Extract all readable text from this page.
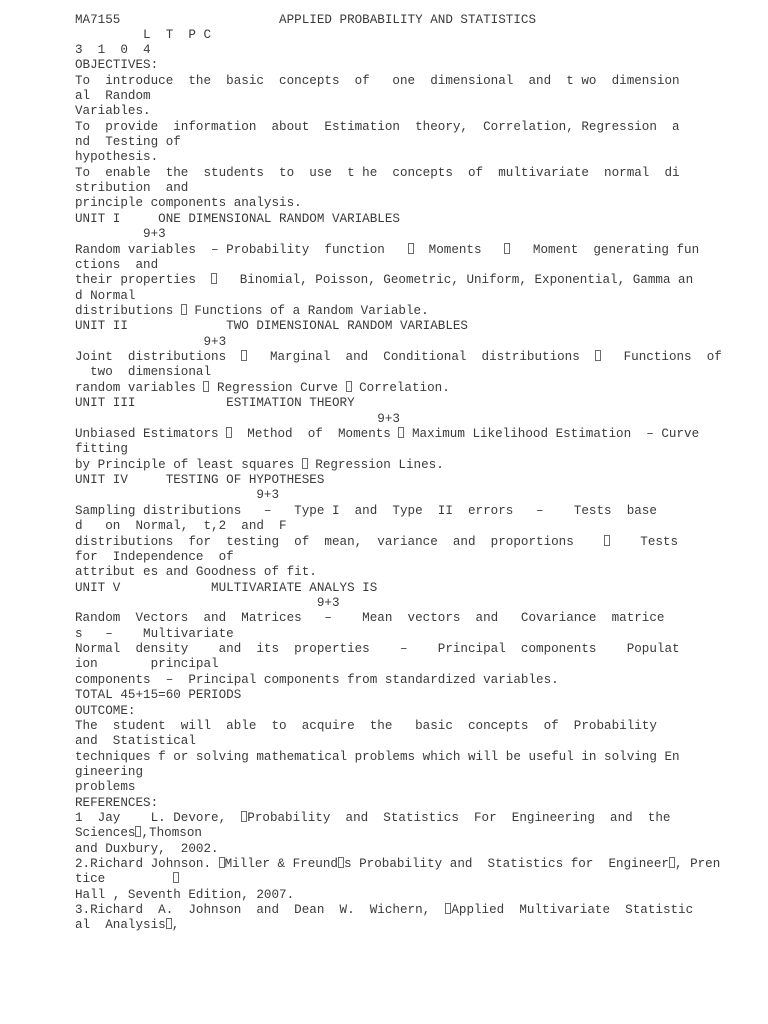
MA7155                     APPLIED PROBABILITY AND STATISTICS
L  T  P C
3  1  0  4
OBJECTIVES:
To  introduce  the  basic  concepts  of   one  dimensional  and  t wo  dimension
al  Random
Variables.
To  provide  information  about  Estimation  theory,  Correlation, Regression  a
nd  Testing of
hypothesis.
To  enable  the  students  to  use  t he  concepts  of  multivariate  normal  di
stribution  and
principle components analysis.
UNIT I     ONE DIMENSIONAL RANDOM VARIABLES
9+3
Random variables  – Probability  function     Moments      Moment  generating fun
ctions  and
their properties     Binomial, Poisson, Geometric, Uniform, Exponential, Gamma an
d Normal
distributions  Functions of a Random Variable.
UNIT II             TWO DIMENSIONAL RANDOM VARIABLES
9+3
Joint  distributions     Marginal  and  Conditional  distributions     Functions  of
two  dimensional
random variables  Regression Curve  Correlation.
UNIT III            ESTIMATION THEORY
9+3
Unbiased Estimators   Method  of  Moments  Maximum Likelihood Estimation  – Curve
fitting
by Principle of least squares  Regression Lines.
UNIT IV     TESTING OF HYPOTHESES
9+3
Sampling distributions   –   Type I  and  Type  II  errors   –    Tests  base
d   on  Normal,  t,2  and  F
distributions  for  testing  of  mean,  variance  and  proportions        Tests
for  Independence  of
attribut es and Goodness of fit.
UNIT V            MULTIVARIATE ANALYS IS
9+3
Random  Vectors  and  Matrices   –    Mean  vectors  and   Covariance  matrice
s   –    Multivariate
Normal  density    and  its  properties    –    Principal  components    Populat
ion       principal
components  –  Principal components from standardized variables.
TOTAL 45+15=60 PERIODS
OUTCOME:
The  student  will  able  to  acquire  the   basic  concepts  of  Probability
and  Statistical
techniques f or solving mathematical problems which will be useful in solving En
gineering
problems
REFERENCES:
1  Jay    L. Devore,  Probability  and  Statistics  For  Engineering  and  the
Sciences ,Thomson
and Duxbury,  2002.
2.Richard Johnson. Miller & Freund s Probability and  Statistics for  Engineer , Pren
tice
Hall , Seventh Edition, 2007.
3.Richard  A.  Johnson  and  Dean  W.  Wichern,  Applied  Multivariate  Statistic
al  Analysis ,
